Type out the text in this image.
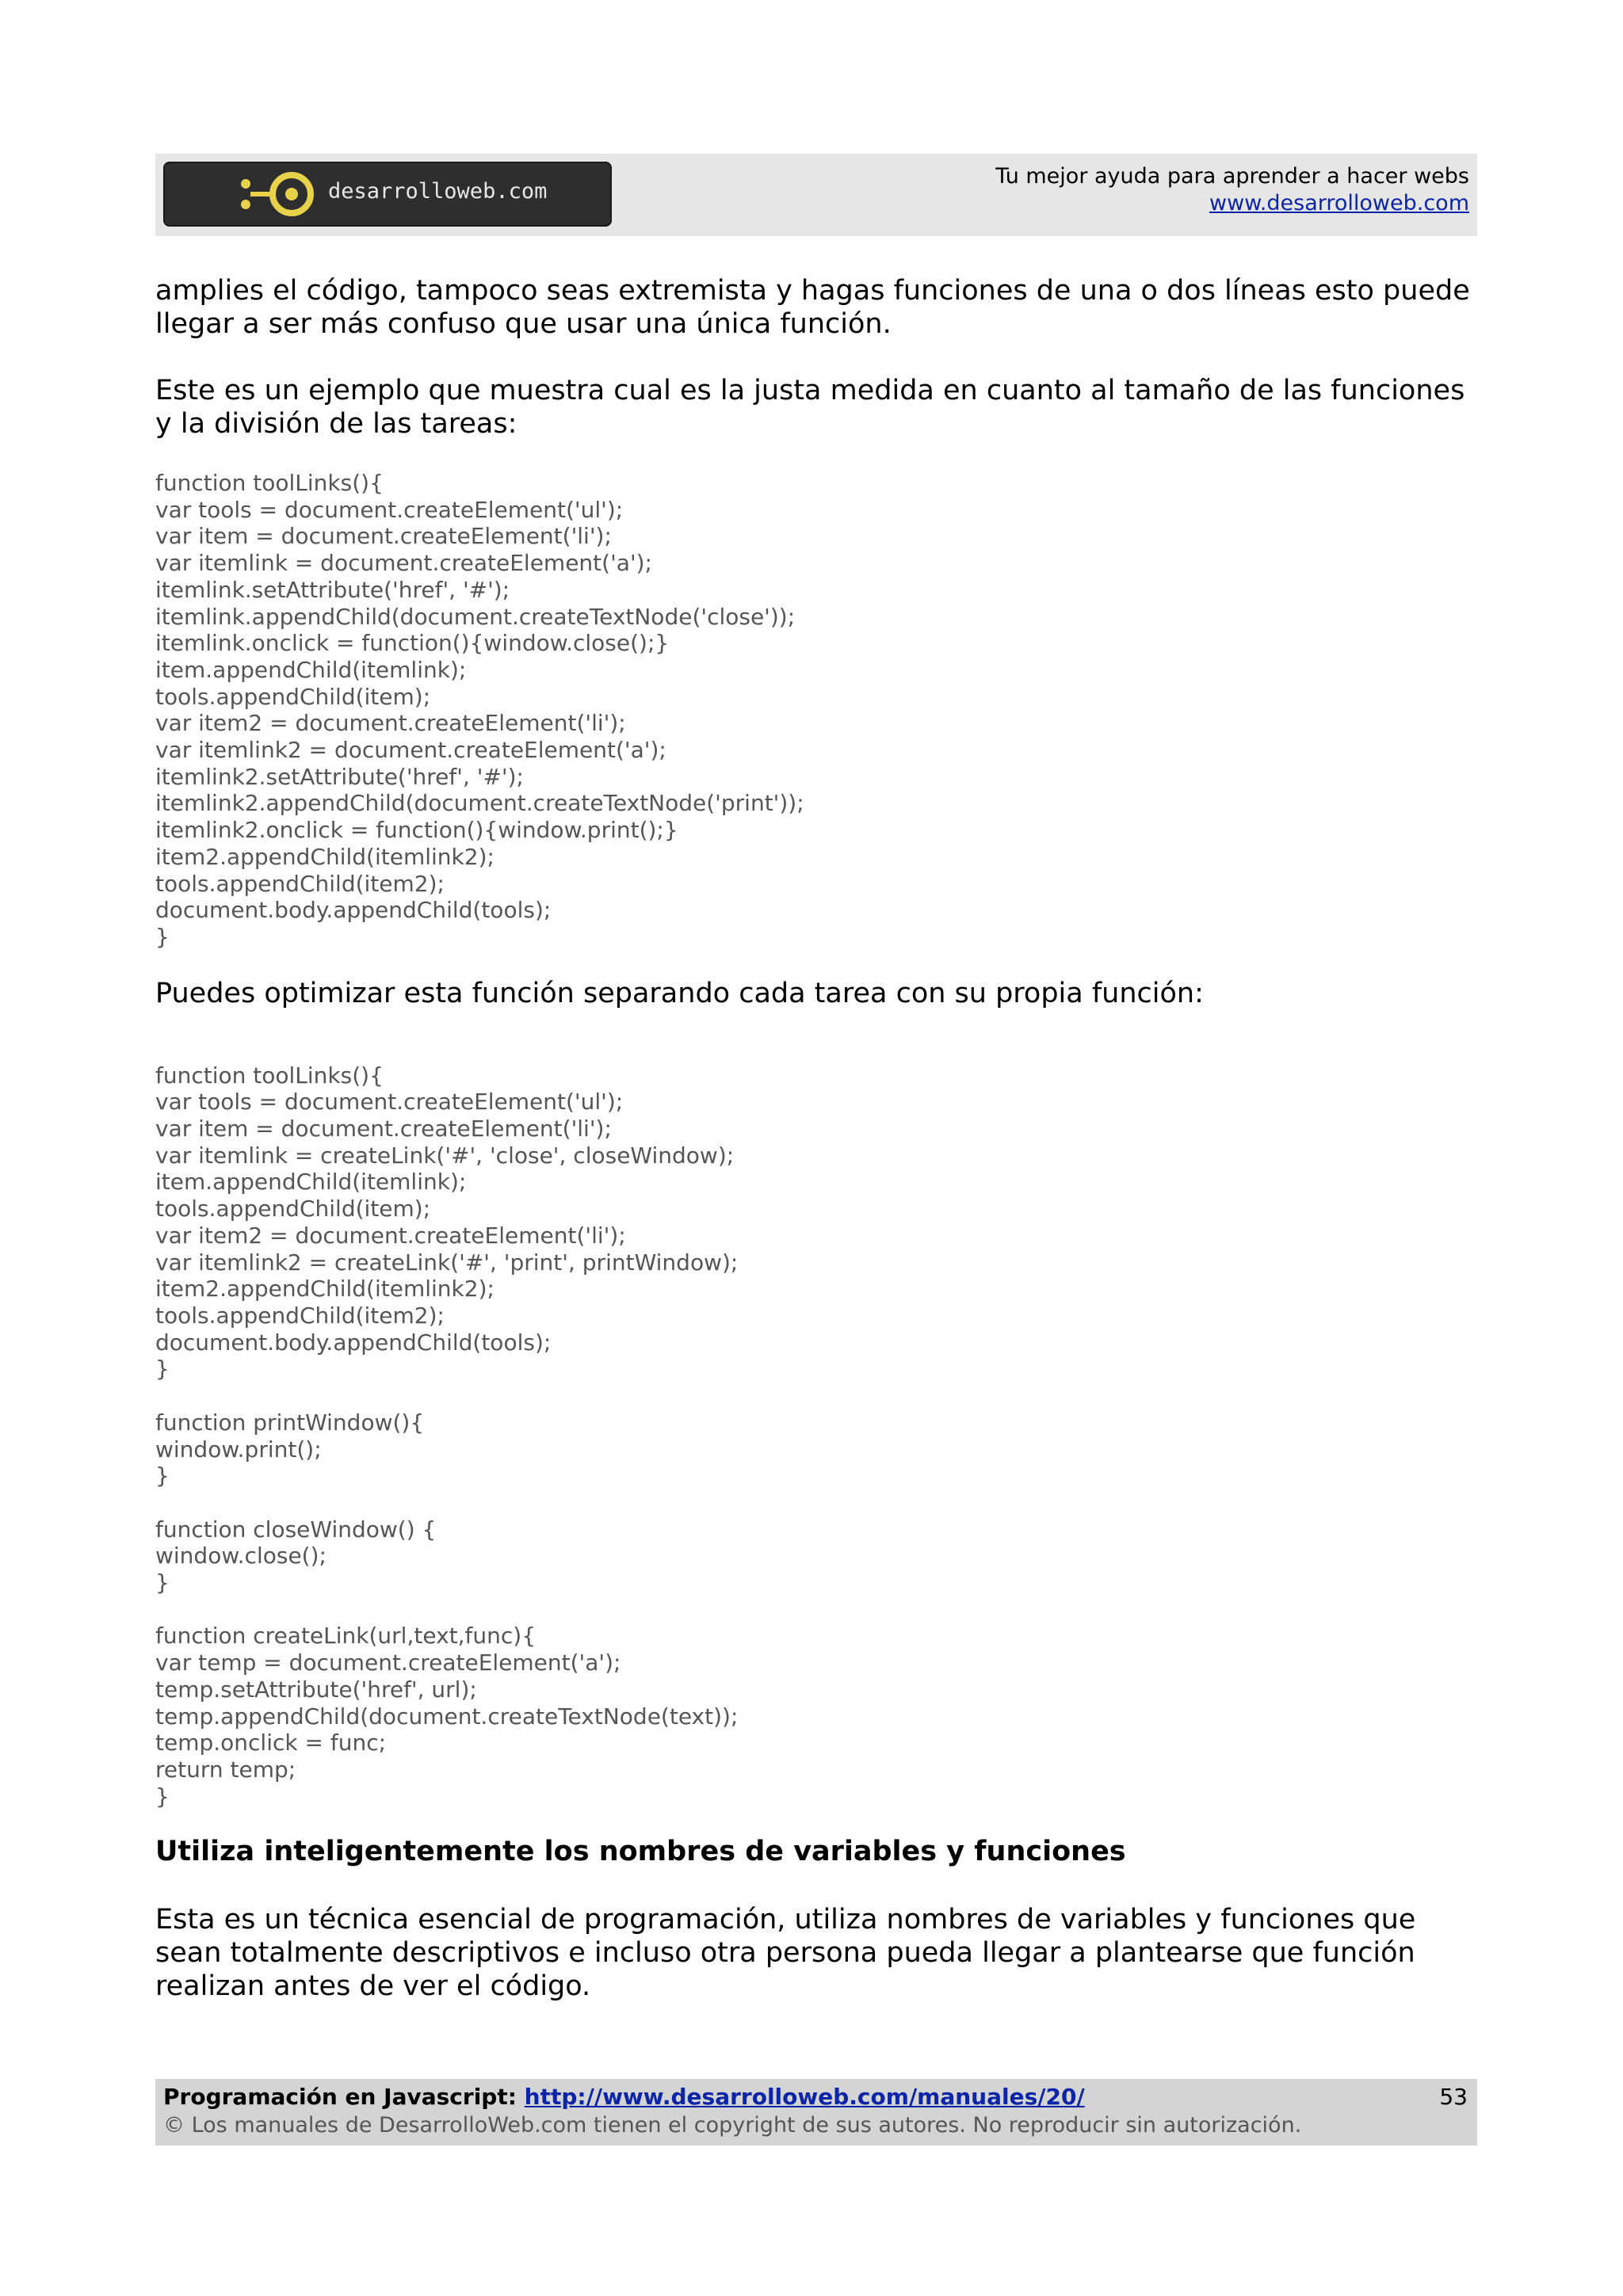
desarrolloweb.com
Tu mejor ayuda para aprender a hacer webs
www.desarrolloweb.com

amplies el código, tampoco seas extremista y hagas funciones de una o dos líneas esto puede llegar a ser más confuso que usar una única función.

Este es un ejemplo que muestra cual es la justa medida en cuanto al tamaño de las funciones y la división de las tareas:

function toolLinks(){
var tools = document.createElement('ul');
var item = document.createElement('li');
var itemlink = document.createElement('a');
itemlink.setAttribute('href', '#');
itemlink.appendChild(document.createTextNode('close'));
itemlink.onclick = function(){window.close();}
item.appendChild(itemlink);
tools.appendChild(item);
var item2 = document.createElement('li');
var itemlink2 = document.createElement('a');
itemlink2.setAttribute('href', '#');
itemlink2.appendChild(document.createTextNode('print'));
itemlink2.onclick = function(){window.print();}
item2.appendChild(itemlink2);
tools.appendChild(item2);
document.body.appendChild(tools);
}

Puedes optimizar esta función separando cada tarea con su propia función:

function toolLinks(){
var tools = document.createElement('ul');
var item = document.createElement('li');
var itemlink = createLink('#', 'close', closeWindow);
item.appendChild(itemlink);
tools.appendChild(item);
var item2 = document.createElement('li');
var itemlink2 = createLink('#', 'print', printWindow);
item2.appendChild(itemlink2);
tools.appendChild(item2);
document.body.appendChild(tools);
}

function printWindow(){
window.print();
}

function closeWindow() {
window.close();
}

function createLink(url,text,func){
var temp = document.createElement('a');
temp.setAttribute('href', url);
temp.appendChild(document.createTextNode(text));
temp.onclick = func;
return temp;
}

Utiliza inteligentemente los nombres de variables y funciones

Esta es un técnica esencial de programación, utiliza nombres de variables y funciones que sean totalmente descriptivos e incluso otra persona pueda llegar a plantearse que función realizan antes de ver el código.

Programación en Javascript: http://www.desarrolloweb.com/manuales/20/
© Los manuales de DesarrolloWeb.com tienen el copyright de sus autores. No reproducir sin autorización.
53
